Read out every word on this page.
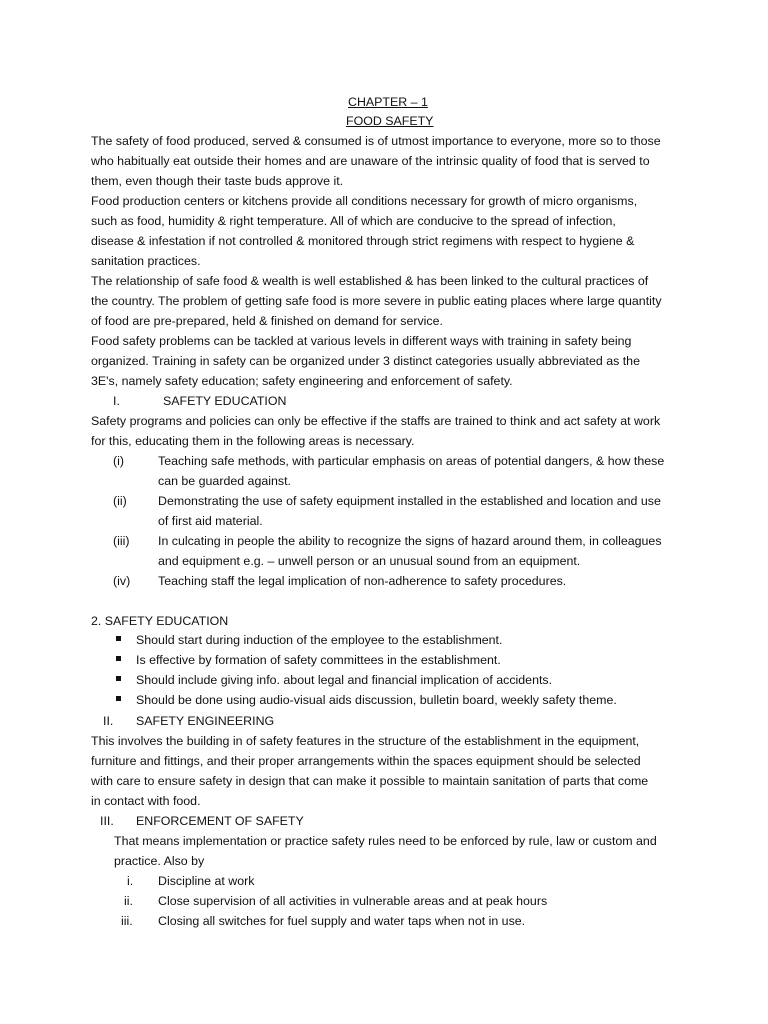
CHAPTER – 1
FOOD SAFETY
The safety of food produced, served & consumed is of utmost importance to everyone, more so to those
who habitually eat outside their homes and are unaware of the intrinsic quality of food that is served to
them, even though their taste buds approve it.
Food production centers or kitchens provide all conditions necessary for growth of micro organisms,
such as food, humidity & right temperature. All of which are conducive to the spread of infection,
disease & infestation if not controlled & monitored through strict regimens with respect to hygiene &
sanitation practices.
The relationship of safe food & wealth is well established & has been linked to the cultural practices of
the country. The problem of getting safe food is more severe in public eating places where large quantity
of food are pre-prepared, held & finished on demand for service.
Food safety problems can be tackled at various levels in different ways with training in safety being
organized. Training in safety can be organized under 3 distinct categories usually abbreviated as the
3E's, namely safety education; safety engineering and enforcement of safety.
I.	SAFETY EDUCATION
Safety programs and policies can only be effective if the staffs are trained to think and act safety at work
for this, educating them in the following areas is necessary.
(i)	Teaching safe methods, with particular emphasis on areas of potential dangers, & how these
can be guarded against.
(ii)	Demonstrating the use of safety equipment installed in the established and location and use
of first aid material.
(iii) In culcating in people the ability to recognize the signs of hazard around them, in colleagues
and equipment e.g. – unwell person or an unusual sound from an equipment.
(iv) Teaching staff the legal implication of non-adherence to safety procedures.
2. SAFETY EDUCATION
Should start during induction of the employee to the establishment.
Is effective by formation of safety committees in the establishment.
Should include giving info. about legal and financial implication of accidents.
Should be done using audio-visual aids discussion, bulletin board, weekly safety theme.
II. SAFETY ENGINEERING
This involves the building in of safety features in the structure of the establishment in the equipment,
furniture and fittings, and their proper arrangements within the spaces equipment should be selected
with care to ensure safety in design that can make it possible to maintain sanitation of parts that come
in contact with food.
III. ENFORCEMENT OF SAFETY
That means implementation or practice safety rules need to be enforced by rule, law or custom and
practice. Also by
i. Discipline at work
ii. Close supervision of all activities in vulnerable areas and at peak hours
iii. Closing all switches for fuel supply and water taps when not in use.
